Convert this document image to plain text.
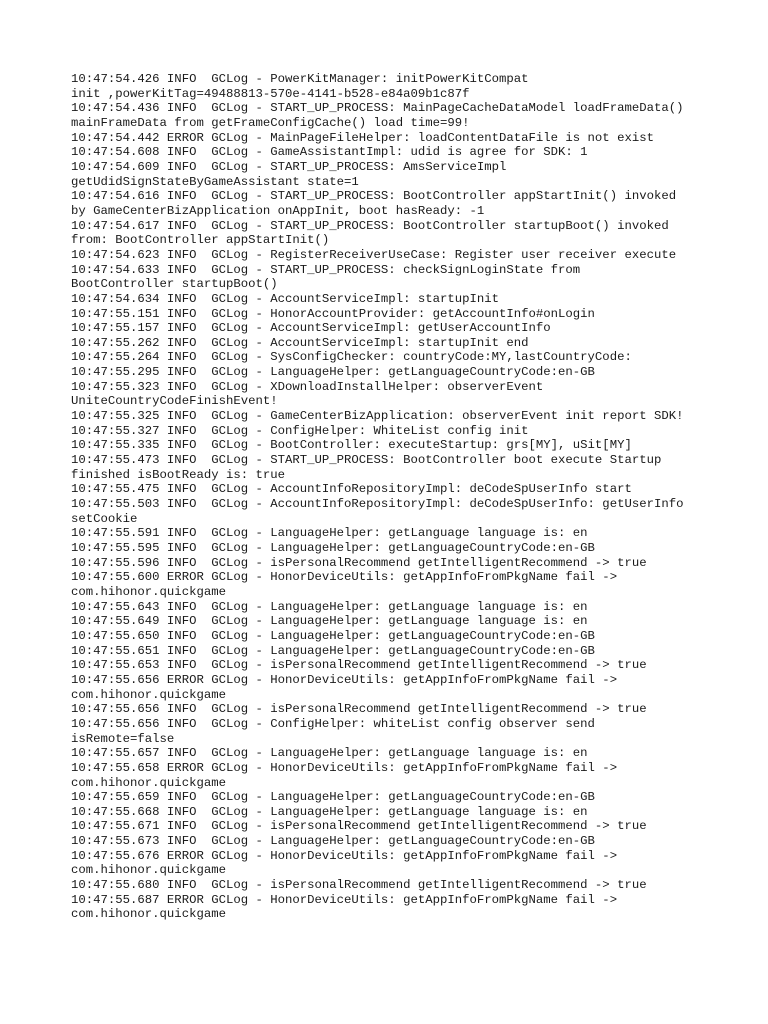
10:47:54.426 INFO  GCLog - PowerKitManager: initPowerKitCompat
init ,powerKitTag=49488813-570e-4141-b528-e84a09b1c87f
10:47:54.436 INFO  GCLog - START_UP_PROCESS: MainPageCacheDataModel loadFrameData()
mainFrameData from getFrameConfigCache() load time=99!
10:47:54.442 ERROR GCLog - MainPageFileHelper: loadContentDataFile is not exist
10:47:54.608 INFO  GCLog - GameAssistantImpl: udid is agree for SDK: 1
10:47:54.609 INFO  GCLog - START_UP_PROCESS: AmsServiceImpl
getUdidSignStateByGameAssistant state=1
10:47:54.616 INFO  GCLog - START_UP_PROCESS: BootController appStartInit() invoked
by GameCenterBizApplication onAppInit, boot hasReady: -1
10:47:54.617 INFO  GCLog - START_UP_PROCESS: BootController startupBoot() invoked
from: BootController appStartInit()
10:47:54.623 INFO  GCLog - RegisterReceiverUseCase: Register user receiver execute
10:47:54.633 INFO  GCLog - START_UP_PROCESS: checkSignLoginState from
BootController startupBoot()
10:47:54.634 INFO  GCLog - AccountServiceImpl: startupInit
10:47:55.151 INFO  GCLog - HonorAccountProvider: getAccountInfo#onLogin
10:47:55.157 INFO  GCLog - AccountServiceImpl: getUserAccountInfo
10:47:55.262 INFO  GCLog - AccountServiceImpl: startupInit end
10:47:55.264 INFO  GCLog - SysConfigChecker: countryCode:MY,lastCountryCode:
10:47:55.295 INFO  GCLog - LanguageHelper: getLanguageCountryCode:en-GB
10:47:55.323 INFO  GCLog - XDownloadInstallHelper: observerEvent
UniteCountryCodeFinishEvent!
10:47:55.325 INFO  GCLog - GameCenterBizApplication: observerEvent init report SDK!
10:47:55.327 INFO  GCLog - ConfigHelper: WhiteList config init
10:47:55.335 INFO  GCLog - BootController: executeStartup: grs[MY], uSit[MY]
10:47:55.473 INFO  GCLog - START_UP_PROCESS: BootController boot execute Startup
finished isBootReady is: true
10:47:55.475 INFO  GCLog - AccountInfoRepositoryImpl: deCodeSpUserInfo start
10:47:55.503 INFO  GCLog - AccountInfoRepositoryImpl: deCodeSpUserInfo: getUserInfo
setCookie
10:47:55.591 INFO  GCLog - LanguageHelper: getLanguage language is: en
10:47:55.595 INFO  GCLog - LanguageHelper: getLanguageCountryCode:en-GB
10:47:55.596 INFO  GCLog - isPersonalRecommend getIntelligentRecommend -> true
10:47:55.600 ERROR GCLog - HonorDeviceUtils: getAppInfoFromPkgName fail ->
com.hihonor.quickgame
10:47:55.643 INFO  GCLog - LanguageHelper: getLanguage language is: en
10:47:55.649 INFO  GCLog - LanguageHelper: getLanguage language is: en
10:47:55.650 INFO  GCLog - LanguageHelper: getLanguageCountryCode:en-GB
10:47:55.651 INFO  GCLog - LanguageHelper: getLanguageCountryCode:en-GB
10:47:55.653 INFO  GCLog - isPersonalRecommend getIntelligentRecommend -> true
10:47:55.656 ERROR GCLog - HonorDeviceUtils: getAppInfoFromPkgName fail ->
com.hihonor.quickgame
10:47:55.656 INFO  GCLog - isPersonalRecommend getIntelligentRecommend -> true
10:47:55.656 INFO  GCLog - ConfigHelper: whiteList config observer send
isRemote=false
10:47:55.657 INFO  GCLog - LanguageHelper: getLanguage language is: en
10:47:55.658 ERROR GCLog - HonorDeviceUtils: getAppInfoFromPkgName fail ->
com.hihonor.quickgame
10:47:55.659 INFO  GCLog - LanguageHelper: getLanguageCountryCode:en-GB
10:47:55.668 INFO  GCLog - LanguageHelper: getLanguage language is: en
10:47:55.671 INFO  GCLog - isPersonalRecommend getIntelligentRecommend -> true
10:47:55.673 INFO  GCLog - LanguageHelper: getLanguageCountryCode:en-GB
10:47:55.676 ERROR GCLog - HonorDeviceUtils: getAppInfoFromPkgName fail ->
com.hihonor.quickgame
10:47:55.680 INFO  GCLog - isPersonalRecommend getIntelligentRecommend -> true
10:47:55.687 ERROR GCLog - HonorDeviceUtils: getAppInfoFromPkgName fail ->
com.hihonor.quickgame
